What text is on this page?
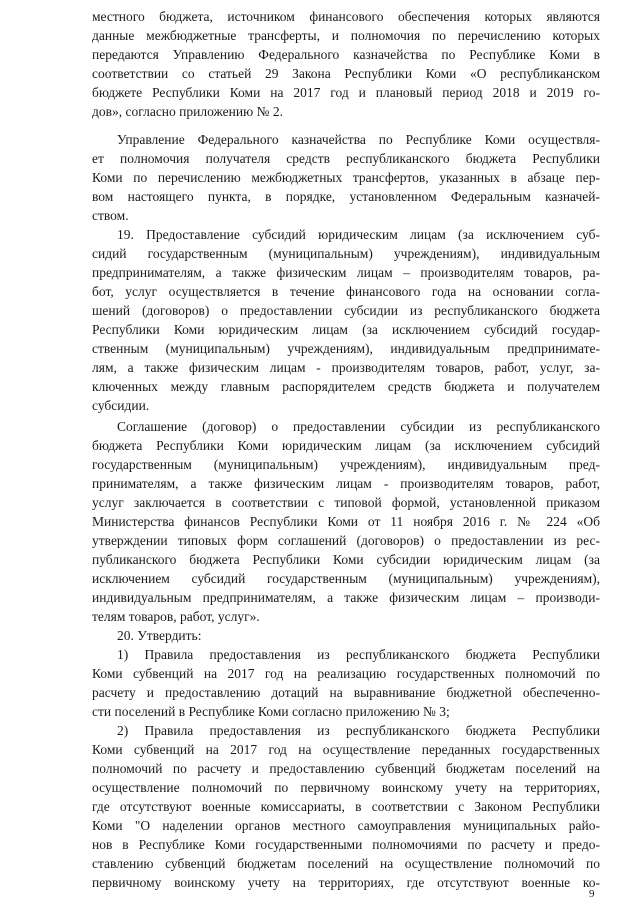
местного бюджета, источником финансового обеспечения которых являются
данные межбюджетные трансферты, и полномочия по перечислению которых
передаются Управлению Федерального казначейства по Республике Коми в
соответствии со статьей 29 Закона Республики Коми «О республиканском
бюджете Республики Коми на 2017 год и плановый период 2018 и 2019 го-
дов», согласно приложению № 2.
Управление Федерального казначейства по Республике Коми осуществля-
ет полномочия получателя средств республиканского бюджета Республики
Коми по перечислению межбюджетных трансфертов, указанных в абзаце пер-
вом настоящего пункта, в порядке, установленном Федеральным казначей-
ством.
19. Предоставление субсидий юридическим лицам (за исключением суб-
сидий государственным (муниципальным) учреждениям), индивидуальным
предпринимателям, а также физическим лицам – производителям товаров, ра-
бот, услуг осуществляется в течение финансового года на основании согла-
шений (договоров) о предоставлении субсидии из республиканского бюджета
Республики Коми юридическим лицам (за исключением субсидий государ-
ственным (муниципальным) учреждениям), индивидуальным предпринимате-
лям, а также физическим лицам - производителям товаров, работ, услуг, за-
ключенных между главным распорядителем средств бюджета и получателем
субсидии.
Соглашение (договор) о предоставлении субсидии из республиканского
бюджета Республики Коми юридическим лицам (за исключением субсидий
государственным (муниципальным) учреждениям), индивидуальным пред-
принимателям, а также физическим лицам - производителям товаров, работ,
услуг заключается в соответствии с типовой формой, установленной приказом
Министерства финансов Республики Коми от 11 ноября 2016 г. № 224 «Об
утверждении типовых форм соглашений (договоров) о предоставлении из рес-
публиканского бюджета Республики Коми субсидии юридическим лицам (за
исключением субсидий государственным (муниципальным) учреждениям),
индивидуальным предпринимателям, а также физическим лицам – производи-
телям товаров, работ, услуг».
20. Утвердить:
1) Правила предоставления из республиканского бюджета Республики
Коми субвенций на 2017 год на реализацию государственных полномочий по
расчету и предоставлению дотаций на выравнивание бюджетной обеспеченно-
сти поселений в Республике Коми согласно приложению № 3;
2) Правила предоставления из республиканского бюджета Республики
Коми субвенций на 2017 год на осуществление переданных государственных
полномочий по расчету и предоставлению субвенций бюджетам поселений на
осуществление полномочий по первичному воинскому учету на территориях,
где отсутствуют военные комиссариаты, в соответствии с Законом Республики
Коми "О наделении органов местного самоуправления муниципальных райо-
нов в Республике Коми государственными полномочиями по расчету и предо-
ставлению субвенций бюджетам поселений на осуществление полномочий по
первичному воинскому учету на территориях, где отсутствуют военные ко-
9
